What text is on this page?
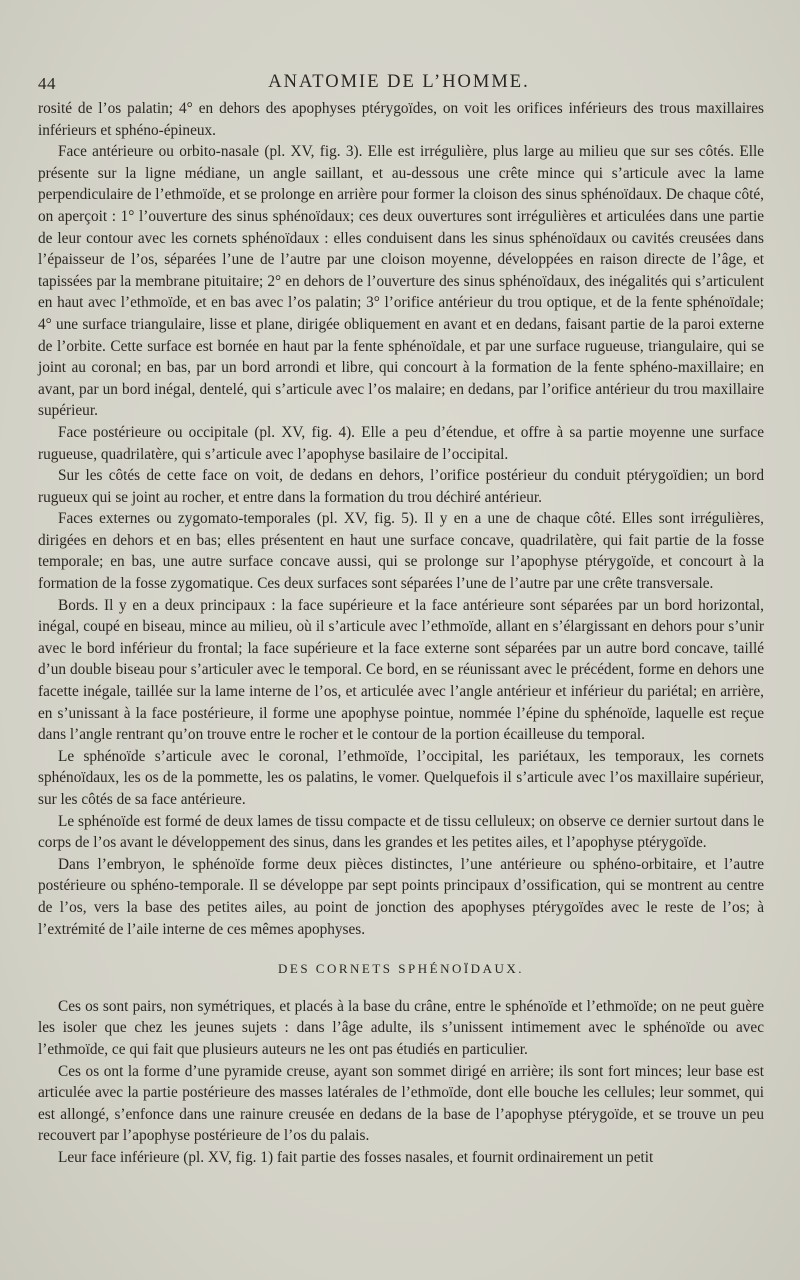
44	ANATOMIE DE L’HOMME.

rosité de l’os palatin; 4° en dehors des apophyses ptérygoïdes, on voit les orifices inférieurs des trous maxillaires inférieurs et sphéno-épineux.

Face antérieure ou orbito-nasale (pl. XV, fig. 3). Elle est irrégulière, plus large au milieu que sur ses côtés. Elle présente sur la ligne médiane, un angle saillant, et au-dessous une crête mince qui s’articule avec la lame perpendiculaire de l’ethmoïde, et se prolonge en arrière pour former la cloison des sinus sphénoïdaux. De chaque côté, on aperçoit : 1° l’ouverture des sinus sphénoïdaux; ces deux ouvertures sont irrégulières et articulées dans une partie de leur contour avec les cornets sphénoïdaux : elles conduisent dans les sinus sphénoïdaux ou cavités creusées dans l’épaisseur de l’os, séparées l’une de l’autre par une cloison moyenne, développées en raison directe de l’âge, et tapissées par la membrane pituitaire; 2° en dehors de l’ouverture des sinus sphénoïdaux, des inégalités qui s’articulent en haut avec l’ethmoïde, et en bas avec l’os palatin; 3° l’orifice antérieur du trou optique, et de la fente sphénoïdale; 4° une surface triangulaire, lisse et plane, dirigée obliquement en avant et en dedans, faisant partie de la paroi externe de l’orbite. Cette surface est bornée en haut par la fente sphénoïdale, et par une surface rugueuse, triangulaire, qui se joint au coronal; en bas, par un bord arrondi et libre, qui concourt à la formation de la fente sphéno-maxillaire; en avant, par un bord inégal, dentelé, qui s’articule avec l’os malaire; en dedans, par l’orifice antérieur du trou maxillaire supérieur.

Face postérieure ou occipitale (pl. XV, fig. 4). Elle a peu d’étendue, et offre à sa partie moyenne une surface rugueuse, quadrilatère, qui s’articule avec l’apophyse basilaire de l’occipital.

Sur les côtés de cette face on voit, de dedans en dehors, l’orifice postérieur du conduit ptérygoïdien; un bord rugueux qui se joint au rocher, et entre dans la formation du trou déchiré antérieur.

Faces externes ou zygomato-temporales (pl. XV, fig. 5). Il y en a une de chaque côté. Elles sont irrégulières, dirigées en dehors et en bas; elles présentent en haut une surface concave, quadrilatère, qui fait partie de la fosse temporale; en bas, une autre surface concave aussi, qui se prolonge sur l’apophyse ptérygoïde, et concourt à la formation de la fosse zygomatique. Ces deux surfaces sont séparées l’une de l’autre par une crête transversale.

Bords. Il y en a deux principaux : la face supérieure et la face antérieure sont séparées par un bord horizontal, inégal, coupé en biseau, mince au milieu, où il s’articule avec l’ethmoïde, allant en s’élargissant en dehors pour s’unir avec le bord inférieur du frontal; la face supérieure et la face externe sont séparées par un autre bord concave, taillé d’un double biseau pour s’articuler avec le temporal. Ce bord, en se réunissant avec le précédent, forme en dehors une facette inégale, taillée sur la lame interne de l’os, et articulée avec l’angle antérieur et inférieur du pariétal; en arrière, en s’unissant à la face postérieure, il forme une apophyse pointue, nommée l’épine du sphénoïde, laquelle est reçue dans l’angle rentrant qu’on trouve entre le rocher et le contour de la portion écailleuse du temporal.

Le sphénoïde s’articule avec le coronal, l’ethmoïde, l’occipital, les pariétaux, les temporaux, les cornets sphénoïdaux, les os de la pommette, les os palatins, le vomer. Quelquefois il s’articule avec l’os maxillaire supérieur, sur les côtés de sa face antérieure.

Le sphénoïde est formé de deux lames de tissu compacte et de tissu celluleux; on observe ce dernier surtout dans le corps de l’os avant le développement des sinus, dans les grandes et les petites ailes, et l’apophyse ptérygoïde.

Dans l’embryon, le sphénoïde forme deux pièces distinctes, l’une antérieure ou sphéno-orbitaire, et l’autre postérieure ou sphéno-temporale. Il se développe par sept points principaux d’ossification, qui se montrent au centre de l’os, vers la base des petites ailes, au point de jonction des apophyses ptérygoïdes avec le reste de l’os; à l’extrémité de l’aile interne de ces mêmes apophyses.

DES CORNETS SPHÉNOÏDAUX.

Ces os sont pairs, non symétriques, et placés à la base du crâne, entre le sphénoïde et l’ethmoïde; on ne peut guère les isoler que chez les jeunes sujets : dans l’âge adulte, ils s’unissent intimement avec le sphénoïde ou avec l’ethmoïde, ce qui fait que plusieurs auteurs ne les ont pas étudiés en particulier.

Ces os ont la forme d’une pyramide creuse, ayant son sommet dirigé en arrière; ils sont fort minces; leur base est articulée avec la partie postérieure des masses latérales de l’ethmoïde, dont elle bouche les cellules; leur sommet, qui est allongé, s’enfonce dans une rainure creusée en dedans de la base de l’apophyse ptérygoïde, et se trouve un peu recouvert par l’apophyse postérieure de l’os du palais.

Leur face inférieure (pl. XV, fig. 1) fait partie des fosses nasales, et fournit ordinairement un petit
